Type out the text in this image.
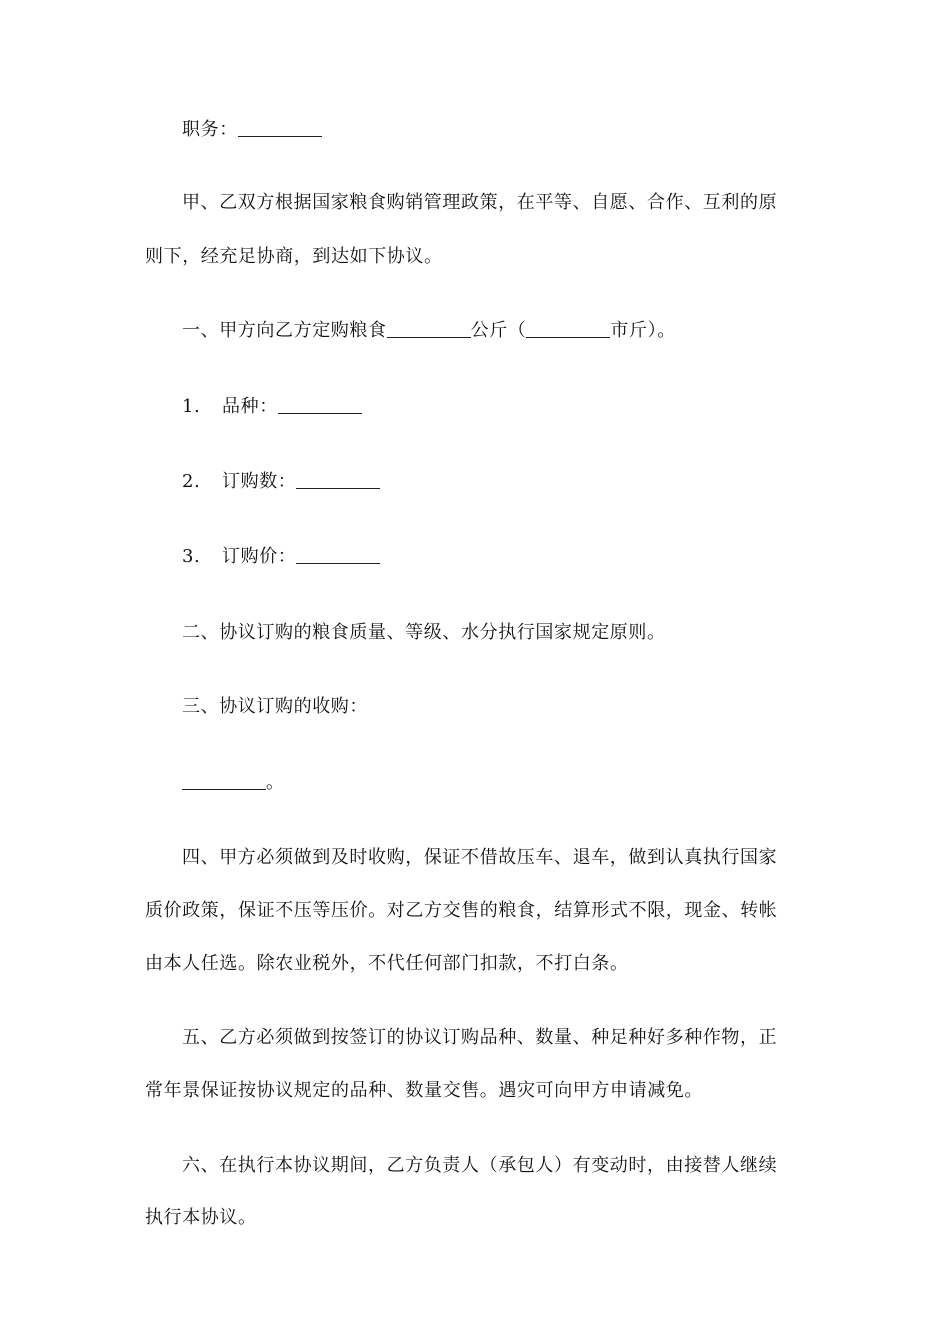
职务：
甲、乙双方根据国家粮食购销管理政策，在平等、自愿、合作、互利的原
则下，经充足协商，到达如下协议。
一、甲方向乙方定购粮食	公斤（	市斤）。
1. 品种：
2. 订购数：
3. 订购价：
二、协议订购的粮食质量、等级、水分执行国家规定原则。
三、协议订购的收购：
。
四、甲方必须做到及时收购，保证不借故压车、退车，做到认真执行国家
质价政策，保证不压等压价。对乙方交售的粮食，结算形式不限，现金、转帐
由本人任选。除农业税外，不代任何部门扣款，不打白条。
五、乙方必须做到按签订的协议订购品种、数量、种足种好多种作物，正
常年景保证按协议规定的品种、数量交售。遇灾可向甲方申请减免。
六、在执行本协议期间，乙方负责人（承包人）有变动时，由接替人继续
执行本协议。
